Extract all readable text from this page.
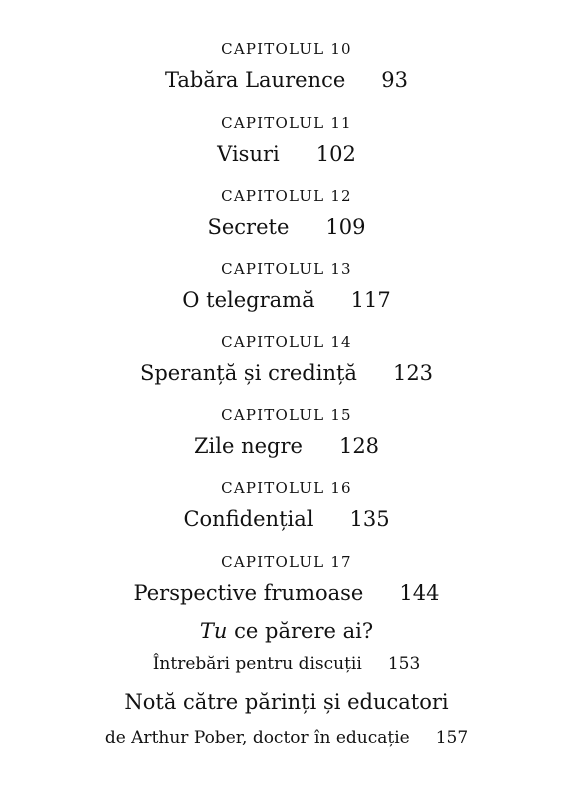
CAPITOLUL 10
Tabăra Laurence 93
CAPITOLUL 11
Visuri 102
CAPITOLUL 12
Secrete 109
CAPITOLUL 13
O telegramă 117
CAPITOLUL 14
Speranță și credință 123
CAPITOLUL 15
Zile negre 128
CAPITOLUL 16
Confidențial 135
CAPITOLUL 17
Perspective frumoase 144
Tu ce părere ai?
Întrebări pentru discuții 153
Notă către părinți și educatori
de Arthur Pober, doctor în educație 157
